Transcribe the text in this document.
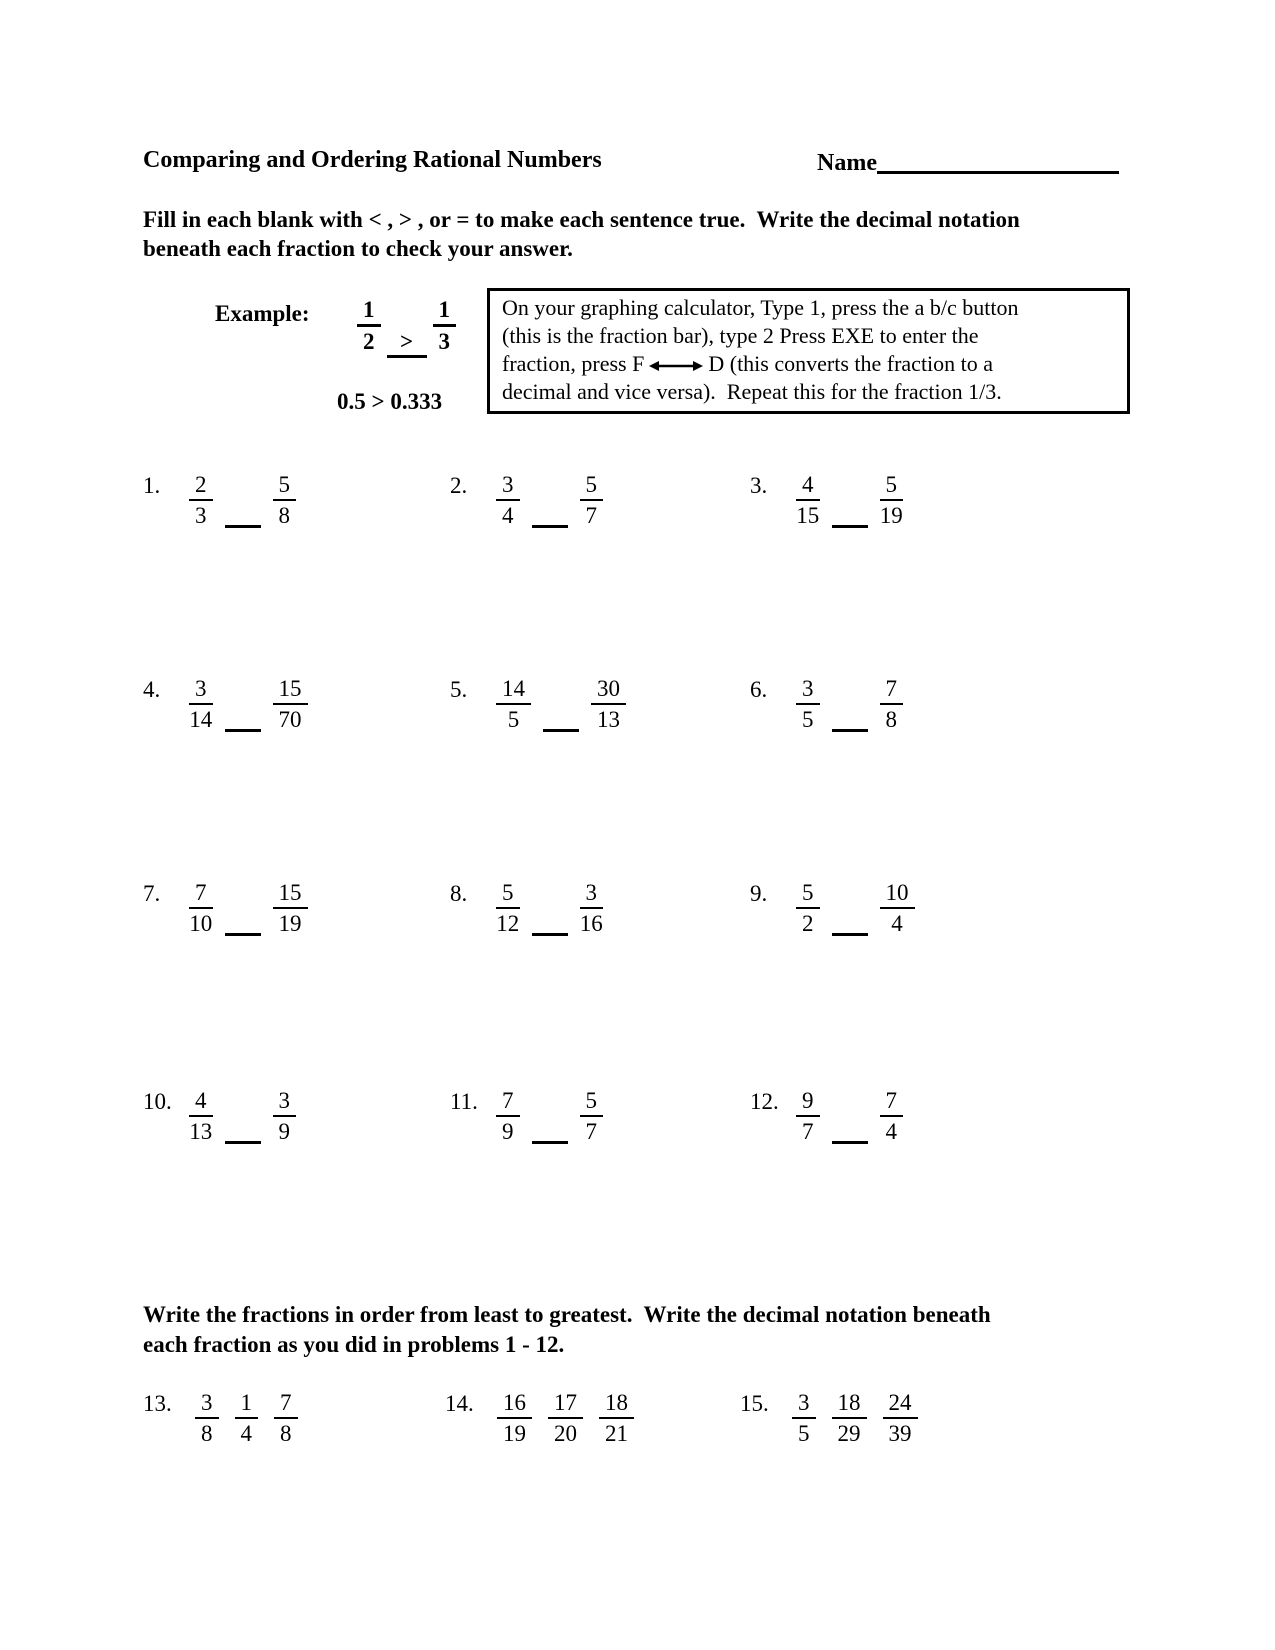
Comparing and Ordering Rational Numbers	Name
Fill in each blank with < , > , or = to make each sentence true.  Write the decimal notation
beneath each fraction to check your answer.
Example: $\frac{1}{2} > \frac{1}{3}$
0.5 > 0.333
On your graphing calculator, Type 1, press the a b/c button
(this is the fraction bar), type 2 Press EXE to enter the
fraction, press F	D (this converts the fraction to a
decimal and vice versa).  Repeat this for the fraction 1/3.
1.	$\frac{2}{3}$	$\frac{5}{8}$	2.	$\frac{3}{4}$	$\frac{5}{7}$	3.	$\frac{4}{15}$	$\frac{5}{19}$
4.	$\frac{3}{14}$	$\frac{15}{70}$	5.	$\frac{14}{5}$	$\frac{30}{13}$	6.	$\frac{3}{5}$	$\frac{7}{8}$
7.	$\frac{7}{10}$	$\frac{15}{19}$	8.	$\frac{5}{12}$	$\frac{3}{16}$	9.	$\frac{5}{2}$	$\frac{10}{4}$
10. $\frac{4}{13}$	$\frac{3}{9}$	11. $\frac{7}{9}$	$\frac{5}{7}$	12. $\frac{9}{7}$	$\frac{7}{4}$
Write the fractions in order from least to greatest.  Write the decimal notation beneath
each fraction as you did in problems 1 - 12.
13.	$\frac{3}{8} \frac{1}{4} \frac{7}{8}$	14.	$\frac{16}{19} \frac{17}{20} \frac{18}{21}$	15.	$\frac{3}{5} \frac{18}{29} \frac{24}{39}$
